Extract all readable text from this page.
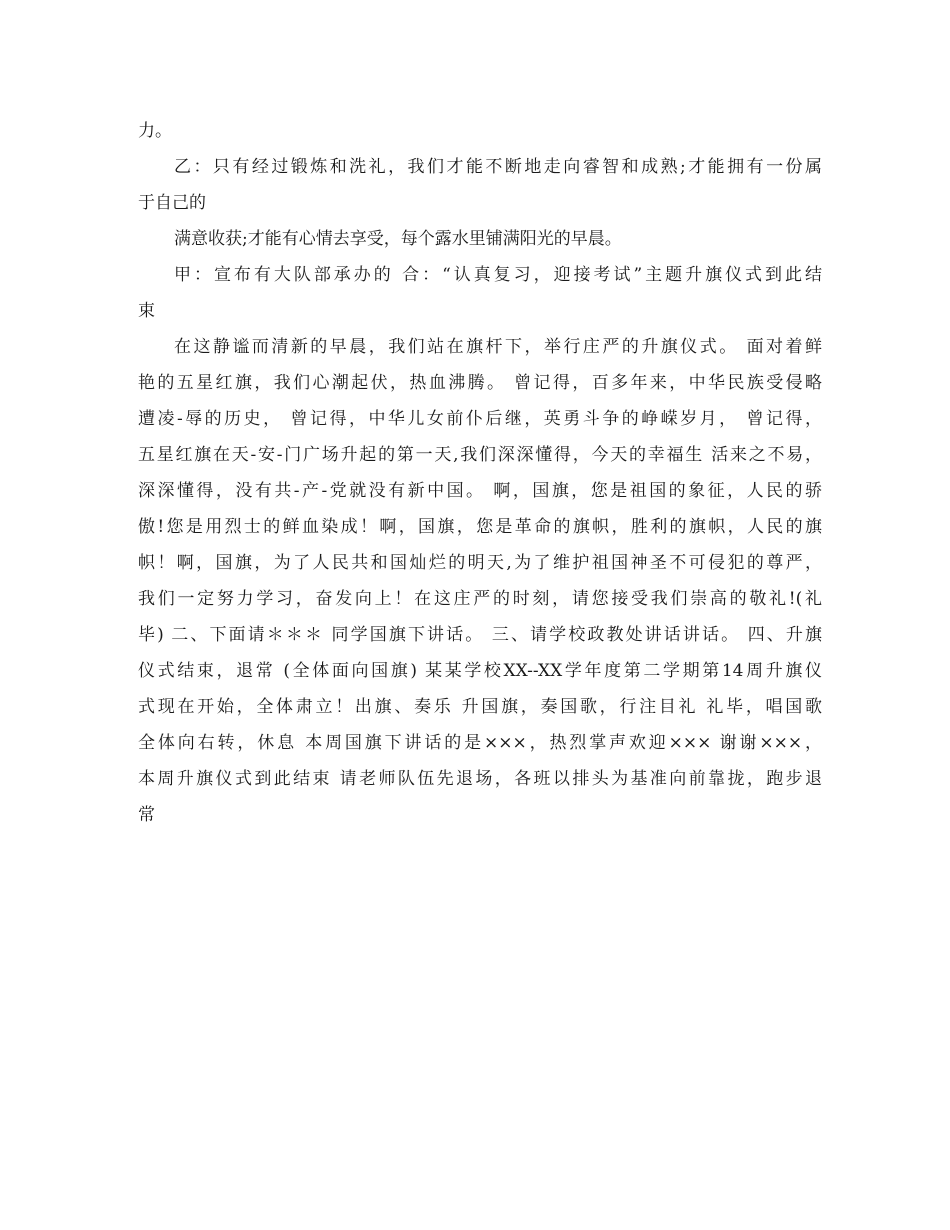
力。
乙：只有经过锻炼和洗礼，我们才能不断地走向睿智和成熟;才能拥有一份属
于自己的
满意收获;才能有心情去享受，每个露水里铺满阳光的早晨。
甲：宣布有大队部承办的 合：“认真复习，迎接考试”主题升旗仪式到此结
束
在这静谧而清新的早晨，我们站在旗杆下，举行庄严的升旗仪式。 面对着鲜
艳的五星红旗，我们心潮起伏，热血沸腾。 曾记得，百多年来，中华民族受侵略
遭凌-辱的历史， 曾记得，中华儿女前仆后继，英勇斗争的峥嵘岁月， 曾记得，
五星红旗在天-安-门广场升起的第一天,我们深深懂得，今天的幸福生 活来之不易，
深深懂得，没有共-产-党就没有新中国。 啊，国旗，您是祖国的象征，人民的骄
傲!您是用烈士的鲜血染成！啊，国旗，您是革命的旗帜，胜利的旗帜，人民的旗
帜！啊，国旗，为了人民共和国灿烂的明天,为了维护祖国神圣不可侵犯的尊严，
我们一定努力学习，奋发向上！在这庄严的时刻，请您接受我们崇高的敬礼!(礼
毕) 二、下面请＊＊＊ 同学国旗下讲话。 三、请学校政教处讲话讲话。 四、升旗
仪式结束，退常 (全体面向国旗) 某某学校XX--XX学年度第二学期第14周升旗仪
式现在开始，全体肃立！出旗、奏乐 升国旗，奏国歌，行注目礼 礼毕，唱国歌
全体向右转，休息 本周国旗下讲话的是×××，热烈掌声欢迎××× 谢谢×××，
本周升旗仪式到此结束 请老师队伍先退场，各班以排头为基准向前靠拢，跑步退
常
